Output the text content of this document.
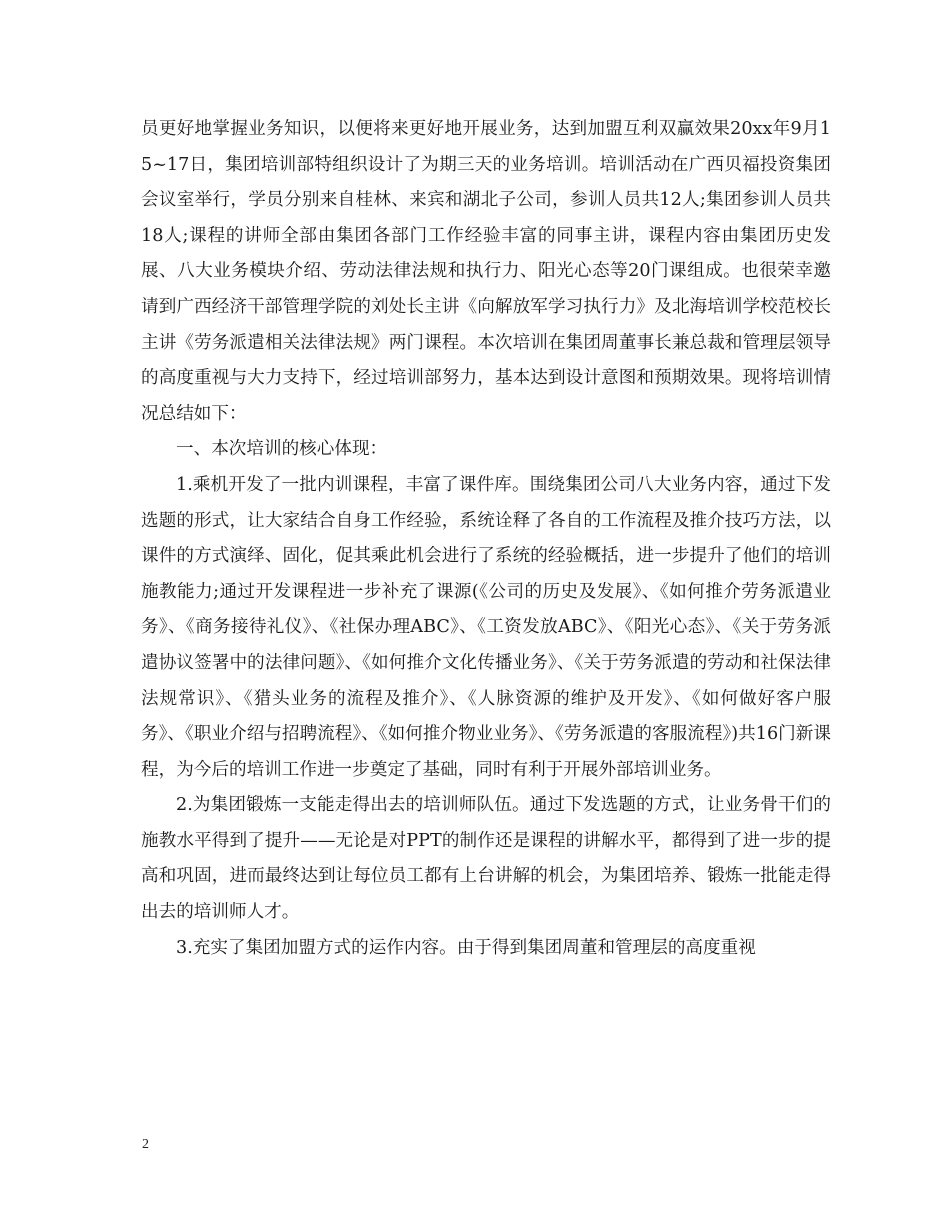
员更好地掌握业务知识，以便将来更好地开展业务，达到加盟互利双赢效果20xx年9月15~17日，集团培训部特组织设计了为期三天的业务培训。培训活动在广西贝福投资集团会议室举行，学员分别来自桂林、来宾和湖北子公司，参训人员共12人;集团参训人员共18人;课程的讲师全部由集团各部门工作经验丰富的同事主讲，课程内容由集团历史发展、八大业务模块介绍、劳动法律法规和执行力、阳光心态等20门课组成。也很荣幸邀请到广西经济干部管理学院的刘处长主讲《向解放军学习执行力》及北海培训学校范校长主讲《劳务派遣相关法律法规》两门课程。本次培训在集团周董事长兼总裁和管理层领导的高度重视与大力支持下，经过培训部努力，基本达到设计意图和预期效果。现将培训情况总结如下：

一、本次培训的核心体现：

1.乘机开发了一批内训课程，丰富了课件库。围绕集团公司八大业务内容，通过下发选题的形式，让大家结合自身工作经验，系统诠释了各自的工作流程及推介技巧方法，以课件的方式演绎、固化，促其乘此机会进行了系统的经验概括，进一步提升了他们的培训施教能力;通过开发课程进一步补充了课源(《公司的历史及发展》、《如何推介劳务派遣业务》、《商务接待礼仪》、《社保办理ABC》、《工资发放ABC》、《阳光心态》、《关于劳务派遣协议签署中的法律问题》、《如何推介文化传播业务》、《关于劳务派遣的劳动和社保法律法规常识》、《猎头业务的流程及推介》、《人脉资源的维护及开发》、《如何做好客户服务》、《职业介绍与招聘流程》、《如何推介物业业务》、《劳务派遣的客服流程》)共16门新课程，为今后的培训工作进一步奠定了基础，同时有利于开展外部培训业务。

2.为集团锻炼一支能走得出去的培训师队伍。通过下发选题的方式，让业务骨干们的施教水平得到了提升——无论是对PPT的制作还是课程的讲解水平，都得到了进一步的提高和巩固，进而最终达到让每位员工都有上台讲解的机会，为集团培养、锻炼一批能走得出去的培训师人才。

3.充实了集团加盟方式的运作内容。由于得到集团周董和管理层的高度重视

2
